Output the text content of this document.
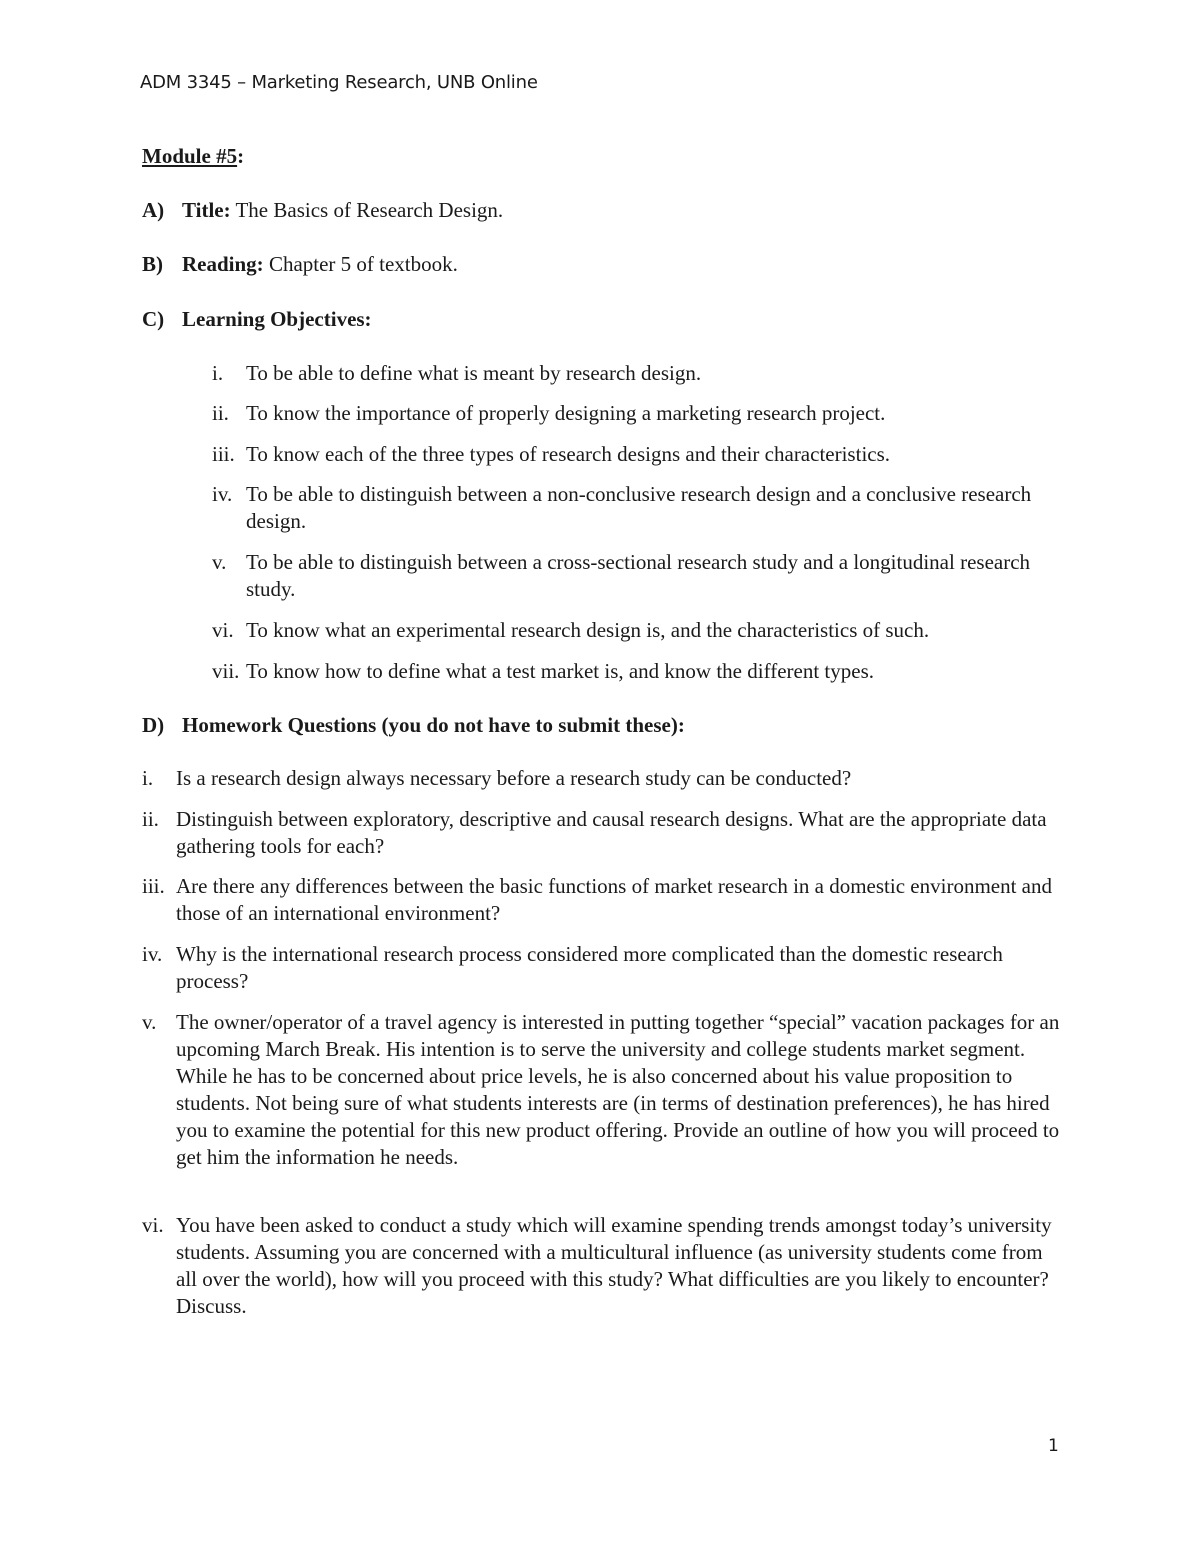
ADM 3345 – Marketing Research, UNB Online
Module #5:
A) Title: The Basics of Research Design.
B) Reading: Chapter 5 of textbook.
C) Learning Objectives:
i. To be able to define what is meant by research design.
ii. To know the importance of properly designing a marketing research project.
iii. To know each of the three types of research designs and their characteristics.
iv. To be able to distinguish between a non-conclusive research design and a conclusive research design.
v. To be able to distinguish between a cross-sectional research study and a longitudinal research study.
vi. To know what an experimental research design is, and the characteristics of such.
vii. To know how to define what a test market is, and know the different types.
D) Homework Questions (you do not have to submit these):
i. Is a research design always necessary before a research study can be conducted?
ii. Distinguish between exploratory, descriptive and causal research designs. What are the appropriate data gathering tools for each?
iii. Are there any differences between the basic functions of market research in a domestic environment and those of an international environment?
iv. Why is the international research process considered more complicated than the domestic research process?
v. The owner/operator of a travel agency is interested in putting together “special” vacation packages for an upcoming March Break. His intention is to serve the university and college students market segment. While he has to be concerned about price levels, he is also concerned about his value proposition to students. Not being sure of what students interests are (in terms of destination preferences), he has hired you to examine the potential for this new product offering. Provide an outline of how you will proceed to get him the information he needs.
vi. You have been asked to conduct a study which will examine spending trends amongst today’s university students. Assuming you are concerned with a multicultural influence (as university students come from all over the world), how will you proceed with this study? What difficulties are you likely to encounter? Discuss.
1
